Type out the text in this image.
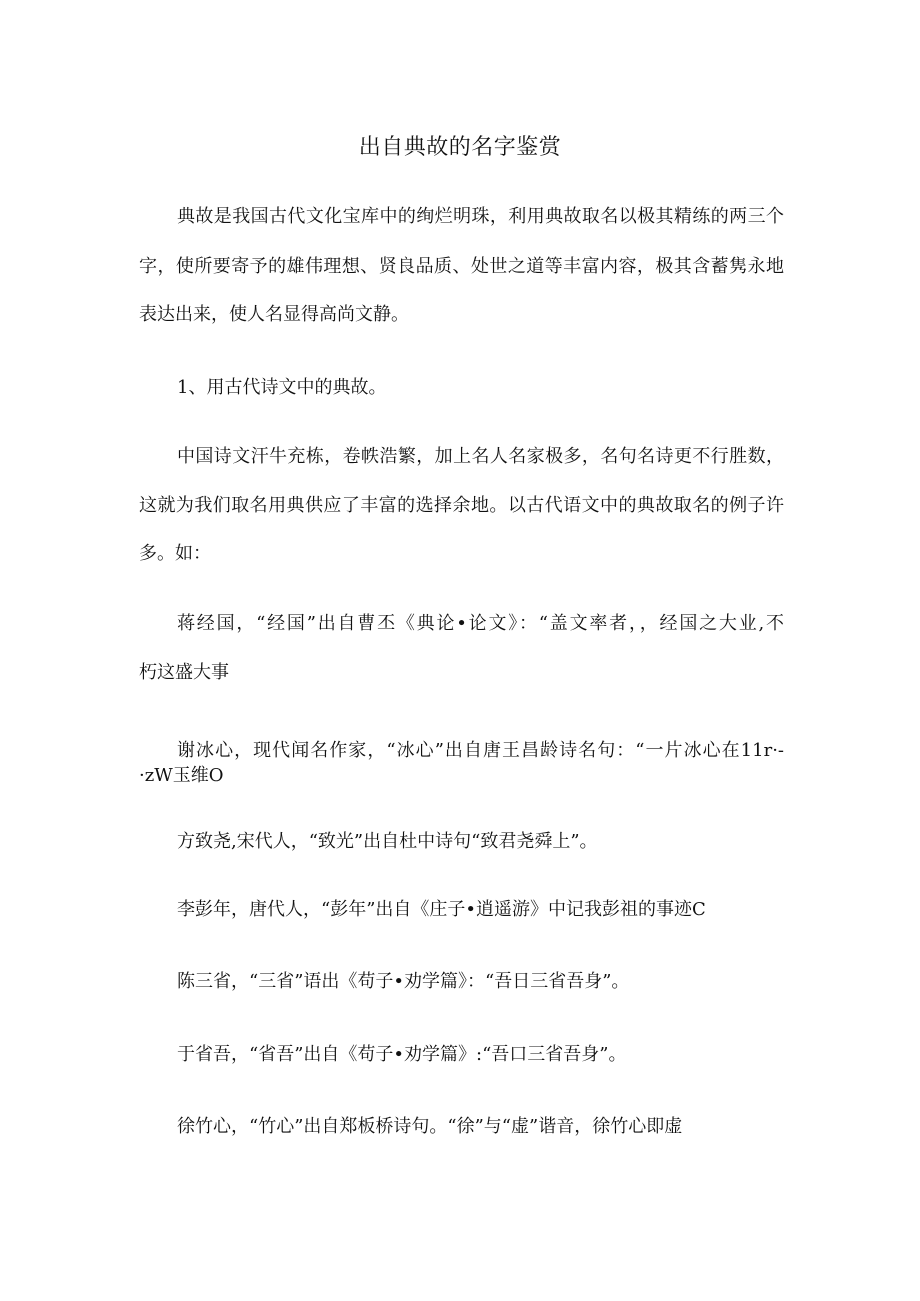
出自典故的名字鉴赏
典故是我国古代文化宝库中的绚烂明珠，利用典故取名以极其精练的两三个
字，使所要寄予的雄伟理想、贤良品质、处世之道等丰富内容，极其含蓄隽永地
表达出来，使人名显得高尚文静。
1、用古代诗文中的典故。
中国诗文汗牛充栋，卷帙浩繁，加上名人名家极多，名句名诗更不行胜数，
这就为我们取名用典供应了丰富的选择余地。以古代语文中的典故取名的例子许
多。如：
蒋经国，“经国”出自曹丕《典论•论文》：“盖文率者，，经国之大业,不
朽这盛大事
谢冰心，现代闻名作家，“冰心”出自唐王昌龄诗名句：“一片冰心在11r·-
·zW玉维O
方致尧,宋代人，“致光”出自杜中诗句“致君尧舜上”。
李彭年，唐代人，“彭年”出自《庄子•逍遥游》中记我彭祖的事迹C
陈三省，“三省”语出《苟子•劝学篇》：“吾日三省吾身”。
于省吾，“省吾”出自《苟子•劝学篇》:“吾口三省吾身”。
徐竹心，“竹心”出自郑板桥诗句。“徐”与“虚”谐音，徐竹心即虚
